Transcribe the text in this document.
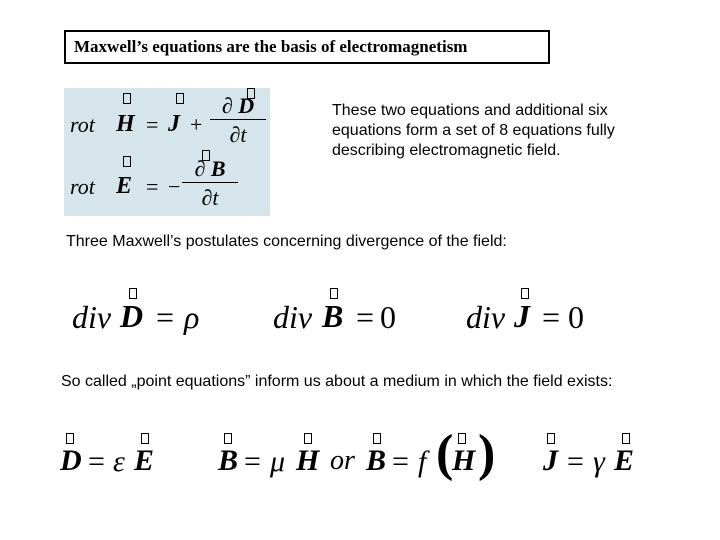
Maxwell’s equations are the basis of electromagnetism
rot $H = J + \frac{\partial D}{\partial t}$
rot E = − $\frac{\partial B}{\partial t}$
These two equations and additional six equations form a set of 8 equations fully describing electromagnetic field.
Three Maxwell’s postulates concerning divergence of the field:
div D = ρ div B = 0 div J = 0
So called „point equations” inform us about a medium in which the field exists:
D = ε E B = μ H or B = f (
H ) J = γ E
